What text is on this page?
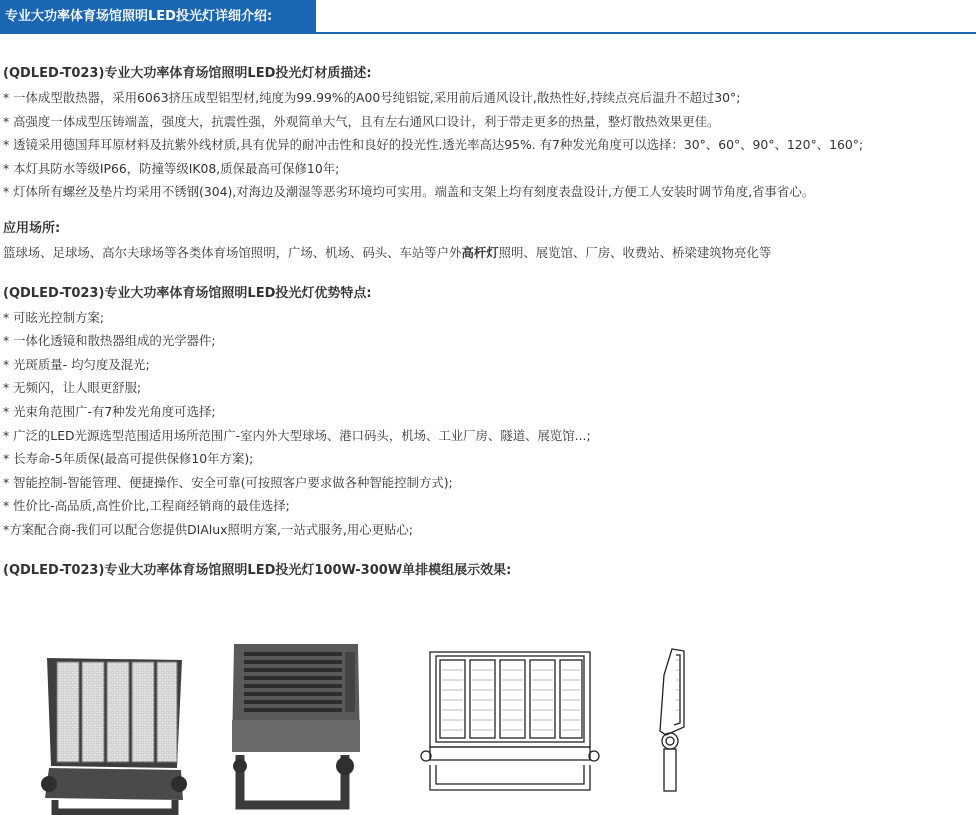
专业大功率体育场馆照明LED投光灯详细介绍:
(QDLED-T023)专业大功率体育场馆照明LED投光灯材质描述:
* 一体成型散热器，采用6063挤压成型铝型材,纯度为99.99%的A00号纯铝锭,采用前后通风设计,散热性好,持续点亮后温升不超过30°;
* 高强度一体成型压铸端盖，强度大，抗震性强，外观简单大气，且有左右通风口设计，利于带走更多的热量，整灯散热效果更佳。
* 透镜采用德国拜耳原材料及抗紫外线材质,具有优异的耐冲击性和良好的投光性.透光率高达95%. 有7种发光角度可以选择：30°、60°、90°、120°、160°;
* 本灯具防水等级IP66，防撞等级IK08,质保最高可保修10年;
* 灯体所有螺丝及垫片均采用不锈钢(304),对海边及潮湿等恶劣环境均可实用。端盖和支架上均有刻度表盘设计,方便工人安装时调节角度,省事省心。
应用场所:
篮球场、足球场、高尔夫球场等各类体育场馆照明，广场、机场、码头、车站等户外高杆灯照明、展览馆、厂房、收费站、桥梁建筑物亮化等
(QDLED-T023)专业大功率体育场馆照明LED投光灯优势特点:
* 可眩光控制方案;
* 一体化透镜和散热器组成的光学器件;
* 光斑质量- 均匀度及混光;
* 无频闪，让人眼更舒服;
* 光束角范围广-有7种发光角度可选择;
* 广泛的LED光源选型范围适用场所范围广-室内外大型球场、港口码头，机场、工业厂房、隧道、展览馆...;
* 长寿命-5年质保(最高可提供保修10年方案);
* 智能控制-智能管理、便捷操作、安全可靠(可按照客户要求做各种智能控制方式);
* 性价比-高品质,高性价比,工程商经销商的最佳选择;
*方案配合商-我们可以配合您提供DIAlux照明方案,一站式服务,用心更贴心;
(QDLED-T023)专业大功率体育场馆照明LED投光灯100W-300W单排模组展示效果:
